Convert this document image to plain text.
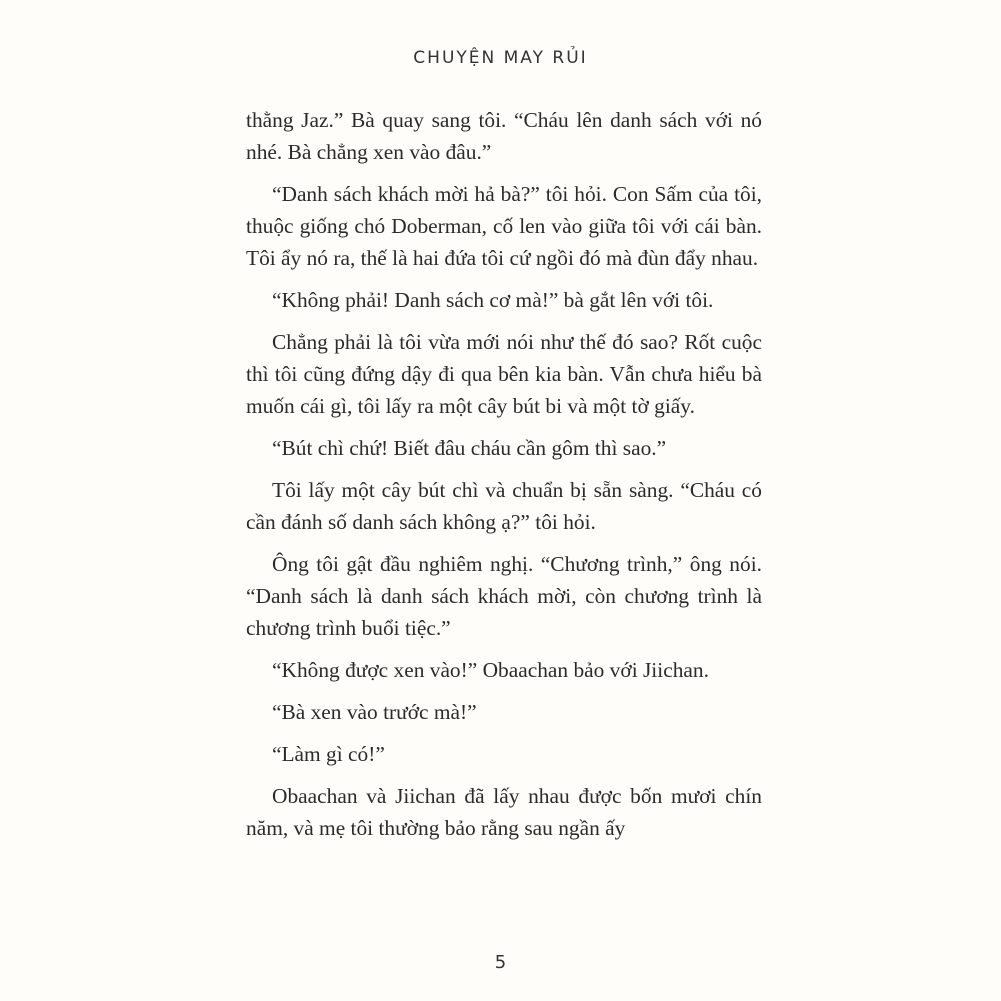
CHUYỆN MAY RỦI

thằng Jaz.” Bà quay sang tôi. “Cháu lên danh sách với nó nhé. Bà chẳng xen vào đâu.”

“Danh sách khách mời hả bà?” tôi hỏi. Con Sấm của tôi, thuộc giống chó Doberman, cố len vào giữa tôi với cái bàn. Tôi ẩy nó ra, thế là hai đứa tôi cứ ngồi đó mà đùn đẩy nhau.

“Không phải! Danh sách cơ mà!” bà gắt lên với tôi.

Chẳng phải là tôi vừa mới nói như thế đó sao? Rốt cuộc thì tôi cũng đứng dậy đi qua bên kia bàn. Vẫn chưa hiểu bà muốn cái gì, tôi lấy ra một cây bút bi và một tờ giấy.

“Bút chì chứ! Biết đâu cháu cần gôm thì sao.”

Tôi lấy một cây bút chì và chuẩn bị sẵn sàng. “Cháu có cần đánh số danh sách không ạ?” tôi hỏi.

Ông tôi gật đầu nghiêm nghị. “Chương trình,” ông nói. “Danh sách là danh sách khách mời, còn chương trình là chương trình buổi tiệc.”

“Không được xen vào!” Obaachan bảo với Jiichan.

“Bà xen vào trước mà!”

“Làm gì có!”

Obaachan và Jiichan đã lấy nhau được bốn mươi chín năm, và mẹ tôi thường bảo rằng sau ngần ấy

5
